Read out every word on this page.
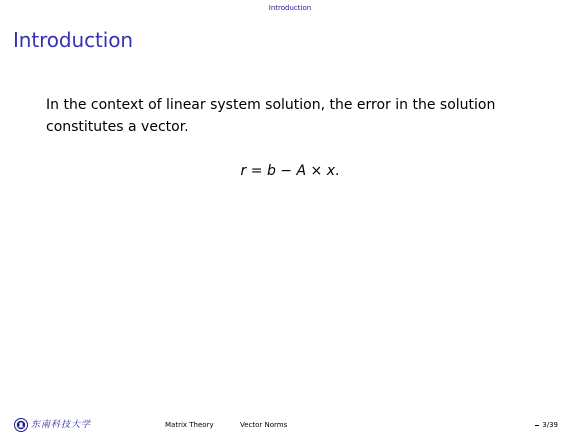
Introduction
Introduction
In the context of linear system solution, the error in the solution constitutes a vector.
r = b − A × x.
东南科技大学	Matrix Theory	Vector Norms	3/39
